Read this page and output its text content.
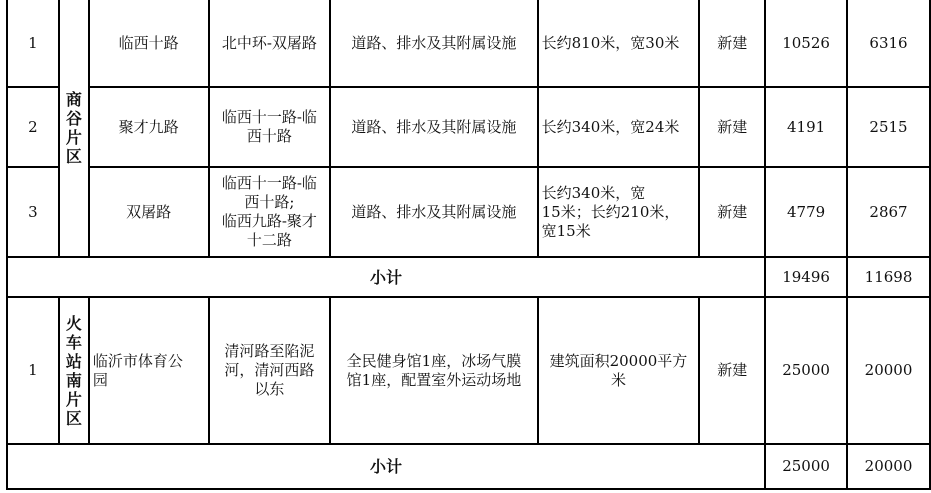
1	商谷片区	临西十路	北中环-双屠路	道路、排水及其附属设施	长约810米，宽30米	新建	10526	6316
2		聚才九路	临西十一路-临
西十路	道路、排水及其附属设施	长约340米，宽24米	新建	4191	2515
3		双屠路	临西十一路-临
西十路;
临西九路-聚才
十二路	道路、排水及其附属设施	长约340米，宽
15米；长约210米，
宽15米	新建	4779	2867
小计							19496	11698
1	火车站南片区	临沂市体育公
园	清河路至陷泥
河，清河西路
以东	全民健身馆1座，冰场气膜
馆1座，配置室外运动场地	建筑面积20000平方
米	新建	25000	20000
小计							25000	20000
